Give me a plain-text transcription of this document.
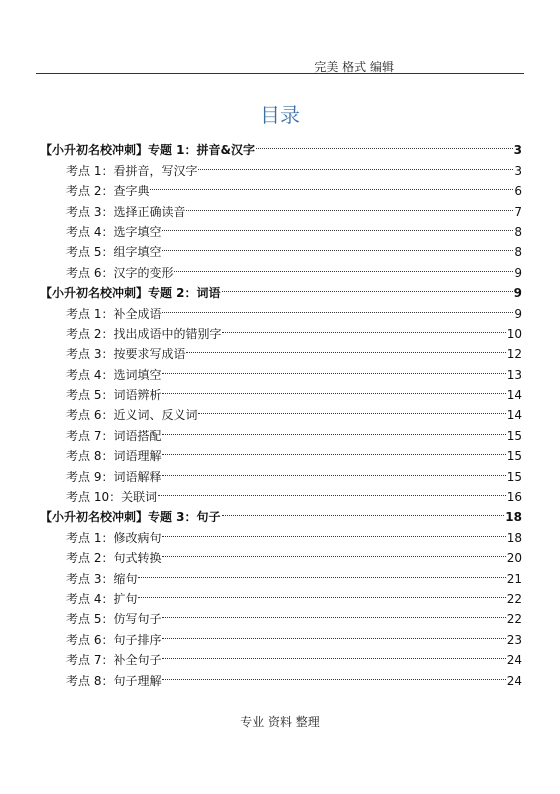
完美 格式 编辑
目录
【小升初名校冲刺】专题 1：拼音&汉字	3
考点 1：看拼音，写汉字	3
考点 2：查字典	6
考点 3：选择正确读音	7
考点 4：选字填空	8
考点 5：组字填空	8
考点 6：汉字的变形	9
【小升初名校冲刺】专题 2：词语	9
考点 1：补全成语	9
考点 2：找出成语中的错别字	10
考点 3：按要求写成语	12
考点 4：选词填空	13
考点 5：词语辨析	14
考点 6：近义词、反义词	14
考点 7：词语搭配	15
考点 8：词语理解	15
考点 9：词语解释	15
考点 10：关联词	16
【小升初名校冲刺】专题 3：句子	18
考点 1：修改病句	18
考点 2：句式转换	20
考点 3：缩句	21
考点 4：扩句	22
考点 5：仿写句子	22
考点 6：句子排序	23
考点 7：补全句子	24
考点 8：句子理解	24
专业 资料 整理
